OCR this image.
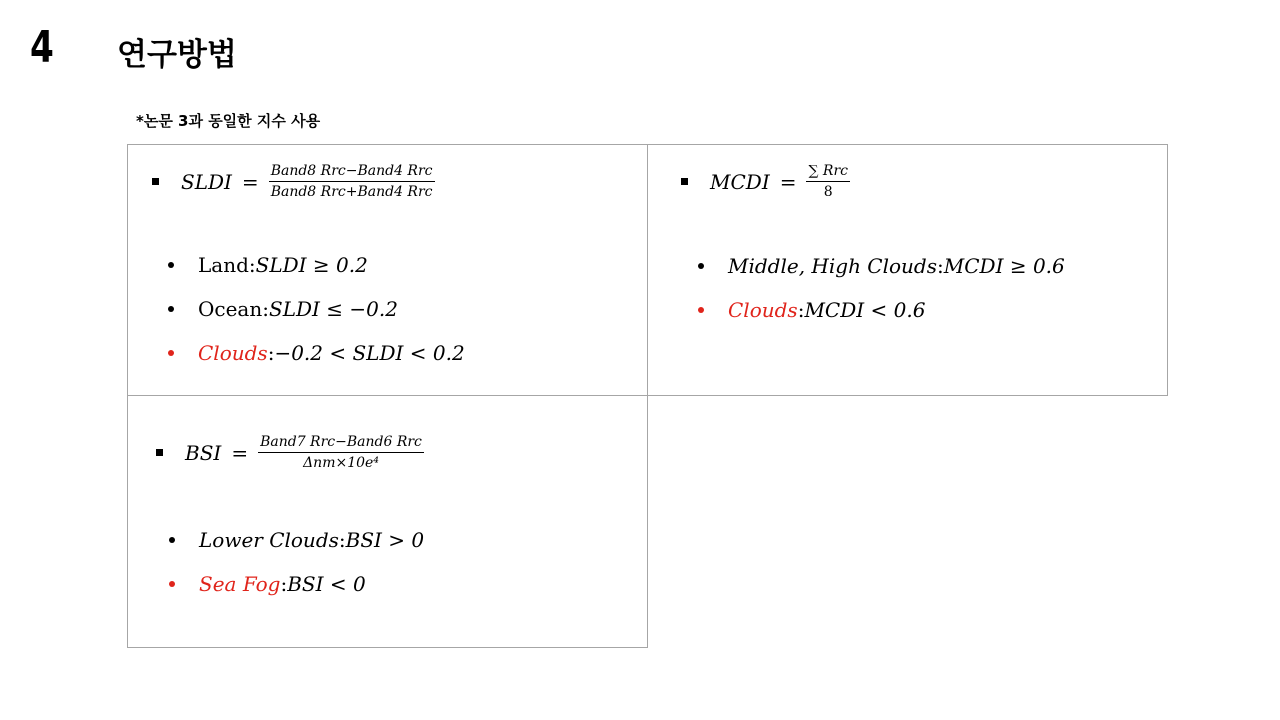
4 연구방법
*논문 3과 동일한 지수 사용
SLDI = $\frac{\text{Band8 Rrc−Band4 Rrc}}{\text{Band8 Rrc+Band4 Rrc}}$
Land : SLDI ≥ 0.2
Ocean : SLDI ≤ −0.2
Clouds : −0.2 < SLDI < 0.2
MCDI = $\frac{\text{∑ Rrc}}{8}$
Middle, High Clouds : MCDI ≥ 0.6
Clouds : MCDI < 0.6
BSI = $\frac{\text{Band7 Rrc−Band6 Rrc}}{\text{Δnm×10e⁴}}$
Lower Clouds : BSI > 0
Sea Fog : BSI < 0
